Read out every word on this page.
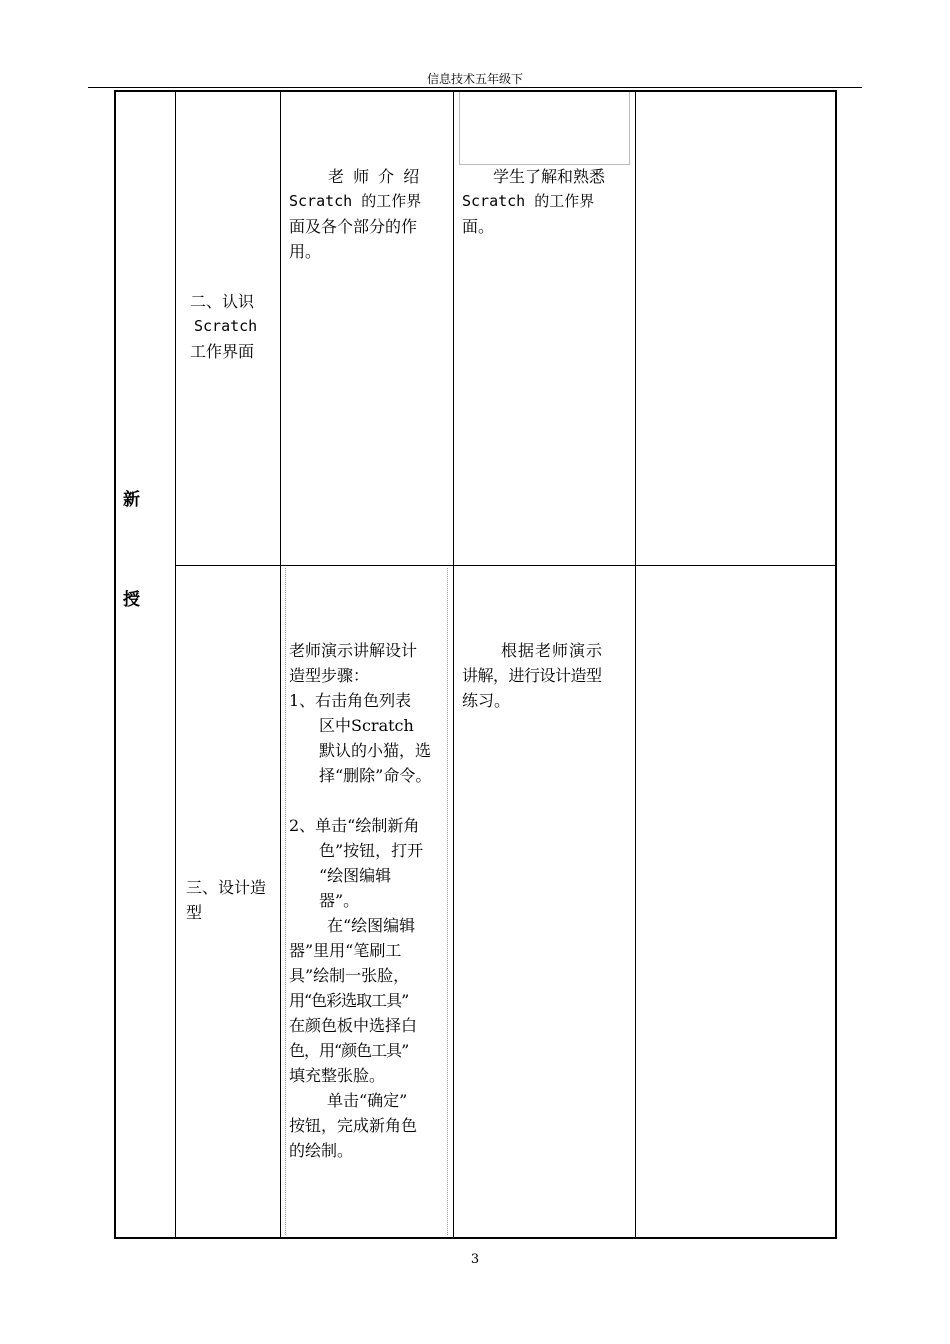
信息技术五年级下
新
授
二、认识
Scratch
工作界面
老 师 介 绍
Scratch 的工作界
面及各个部分的作
用。
学生了解和熟悉
Scratch 的工作界
面。
三、设计造
型
老师演示讲解设计
造型步骤：
1、右击角色列表
区中Scratch
默认的小猫，选
择“删除”命令。
2、单击“绘制新角
色”按钮，打开
“绘图编辑
器”。
在“绘图编辑
器”里用“笔刷工
具”绘制一张脸，
用“色彩选取工具”
在颜色板中选择白
色，用“颜色工具”
填充整张脸。
单击“确定”
按钮，完成新角色
的绘制。
根据老师演示
讲解，进行设计造型
练习。
3
